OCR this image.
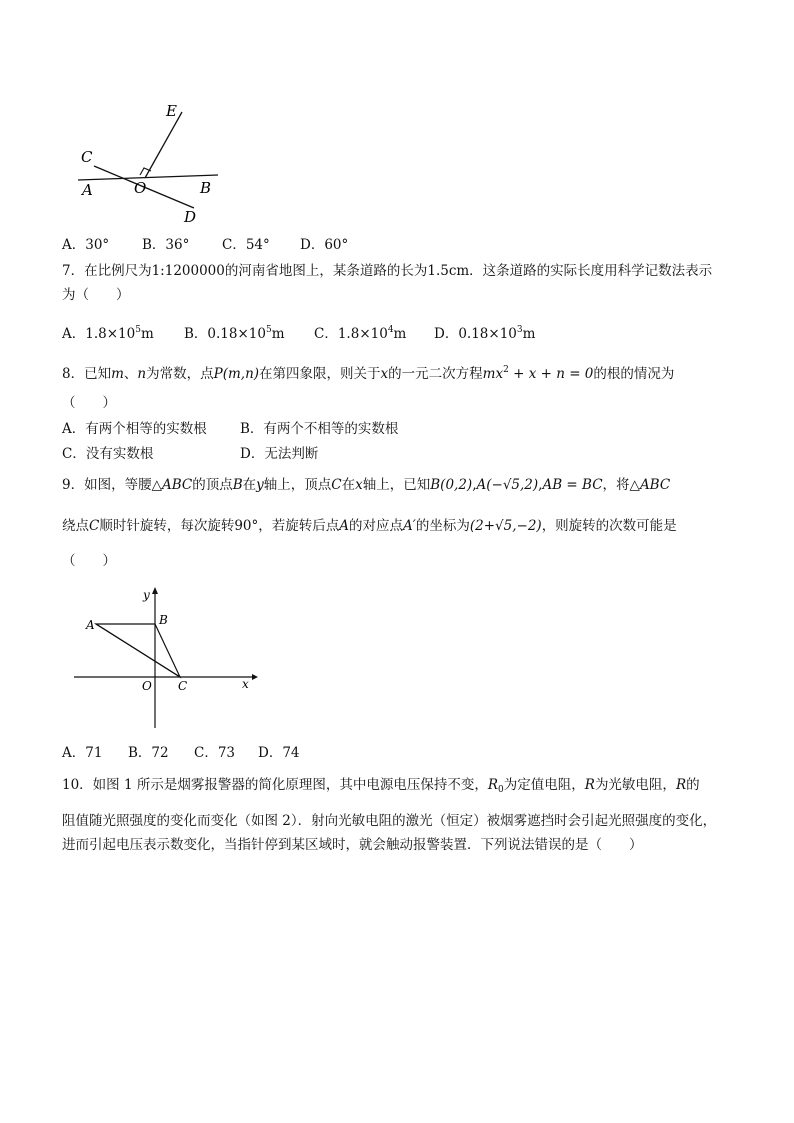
E
C
A	O	B
D
A．30° B．36° C．54° D．60°
7．在比例尺为1:1200000的河南省地图上，某条道路的长为1.5cm．这条道路的实际长度用科学记数法表示
为（　　）
A．1.8×105m B．0.18×105m C．1.8×104m D．0.18×103m
8．已知m、n为常数，点P(m,n)在第四象限，则关于x的一元二次方程$mx^2 + x + n = 0$的根的情况为
（　　）
A．有两个相等的实数根 B．有两个不相等的实数根
C．没有实数根	D．无法判断
9．如图，等腰△ABC的顶点B在y轴上，顶点C在x轴上，已知B(0,2),A(−√5,2),AB = BC，将△ABC
绕点C顺时针旋转，每次旋转90°，若旋转后点A的对应点A′的坐标为(2+√5,−2)，则旋转的次数可能是
（　　）
y
A	B
O C	x
A．71 B．72 C．73 D．74
10．如图 1 所示是烟雾报警器的简化原理图，其中电源电压保持不变，$R_0$为定值电阻，R为光敏电阻，R的
阻值随光照强度的变化而变化（如图 2）．射向光敏电阻的激光（恒定）被烟雾遮挡时会引起光照强度的变化，
进而引起电压表示数变化，当指针停到某区域时，就会触动报警装置．下列说法错误的是（　　）
